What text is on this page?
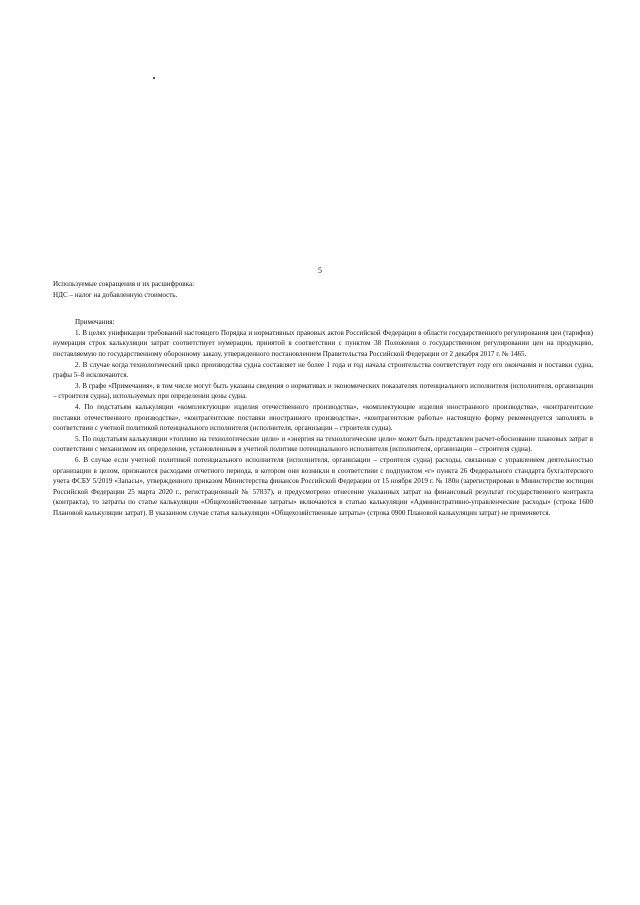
5

Используемые сокращения и их расшифровка:

НДС – налог на добавленную стоимость.

Примечания:

1. В целях унификации требований настоящего Порядка и нормативных правовых актов Российской Федерации в области государственного регулирования цен (тарифов) нумерация строк калькуляции затрат соответствует нумерации, принятой в соответствии с пунктом 38 Положения о государственном регулировании цен на продукцию, поставляемую по государственному оборонному заказу, утвержденного постановлением Правительства Российской Федерации от 2 декабря 2017 г. № 1465.

2. В случае когда технологический цикл производства судна составляет не более 1 года и год начала строительства соответствует году его окончания и поставки судна, графы 5–8 исключаются.

3. В графе «Примечания», в том числе могут быть указаны сведения о нормативах и экономических показателях потенциального исполнителя (исполнителя, организации – строителя судна), используемых при определении цены судна.

4. По подстатьям калькуляции «комплектующие изделия отечественного производства», «комплектующие изделия иностранного производства», «контрагентские поставки отечественного производства», «контрагентские поставки иностранного производства», «контрагентские работы» настоящую форму рекомендуется заполнять в соответствии с учетной политикой потенциального исполнителя (исполнителя, организации – строителя судна).

5. По подстатьям калькуляции «топливо на технологические цели» и «энергия на технологические цели» может быть представлен расчет-обоснование плановых затрат в соответствии с механизмом их определения, установленным в учетной политике потенциального исполнителя (исполнителя, организации – строителя судна).

6. В случае если учетной политикой потенциального исполнителя (исполнителя, организации – строителя судна) расходы, связанные с управлением деятельностью организации в целом, признаются расходами отчетного периода, в котором они возникли в соответствии с подпунктом «г» пункта 26 Федерального стандарта бухгалтерского учета ФСБУ 5/2019 «Запасы», утвержденного приказом Министерства финансов Российской Федерации от 15 ноября 2019 г. № 180н (зарегистрирован в Министерстве юстиции Российской Федерации 25 марта 2020 г., регистрационный № 57837), и предусмотрено отнесение указанных затрат на финансовый результат государственного контракта (контракта), то затраты по статье калькуляции «Общехозяйственные затраты» включаются в статью калькуляции «Административно-управленческие расходы» (строка 1600 Плановой калькуляции затрат). В указанном случае статья калькуляции «Общехозяйственные затраты» (строка 0900 Плановой калькуляции затрат) не применяется.
